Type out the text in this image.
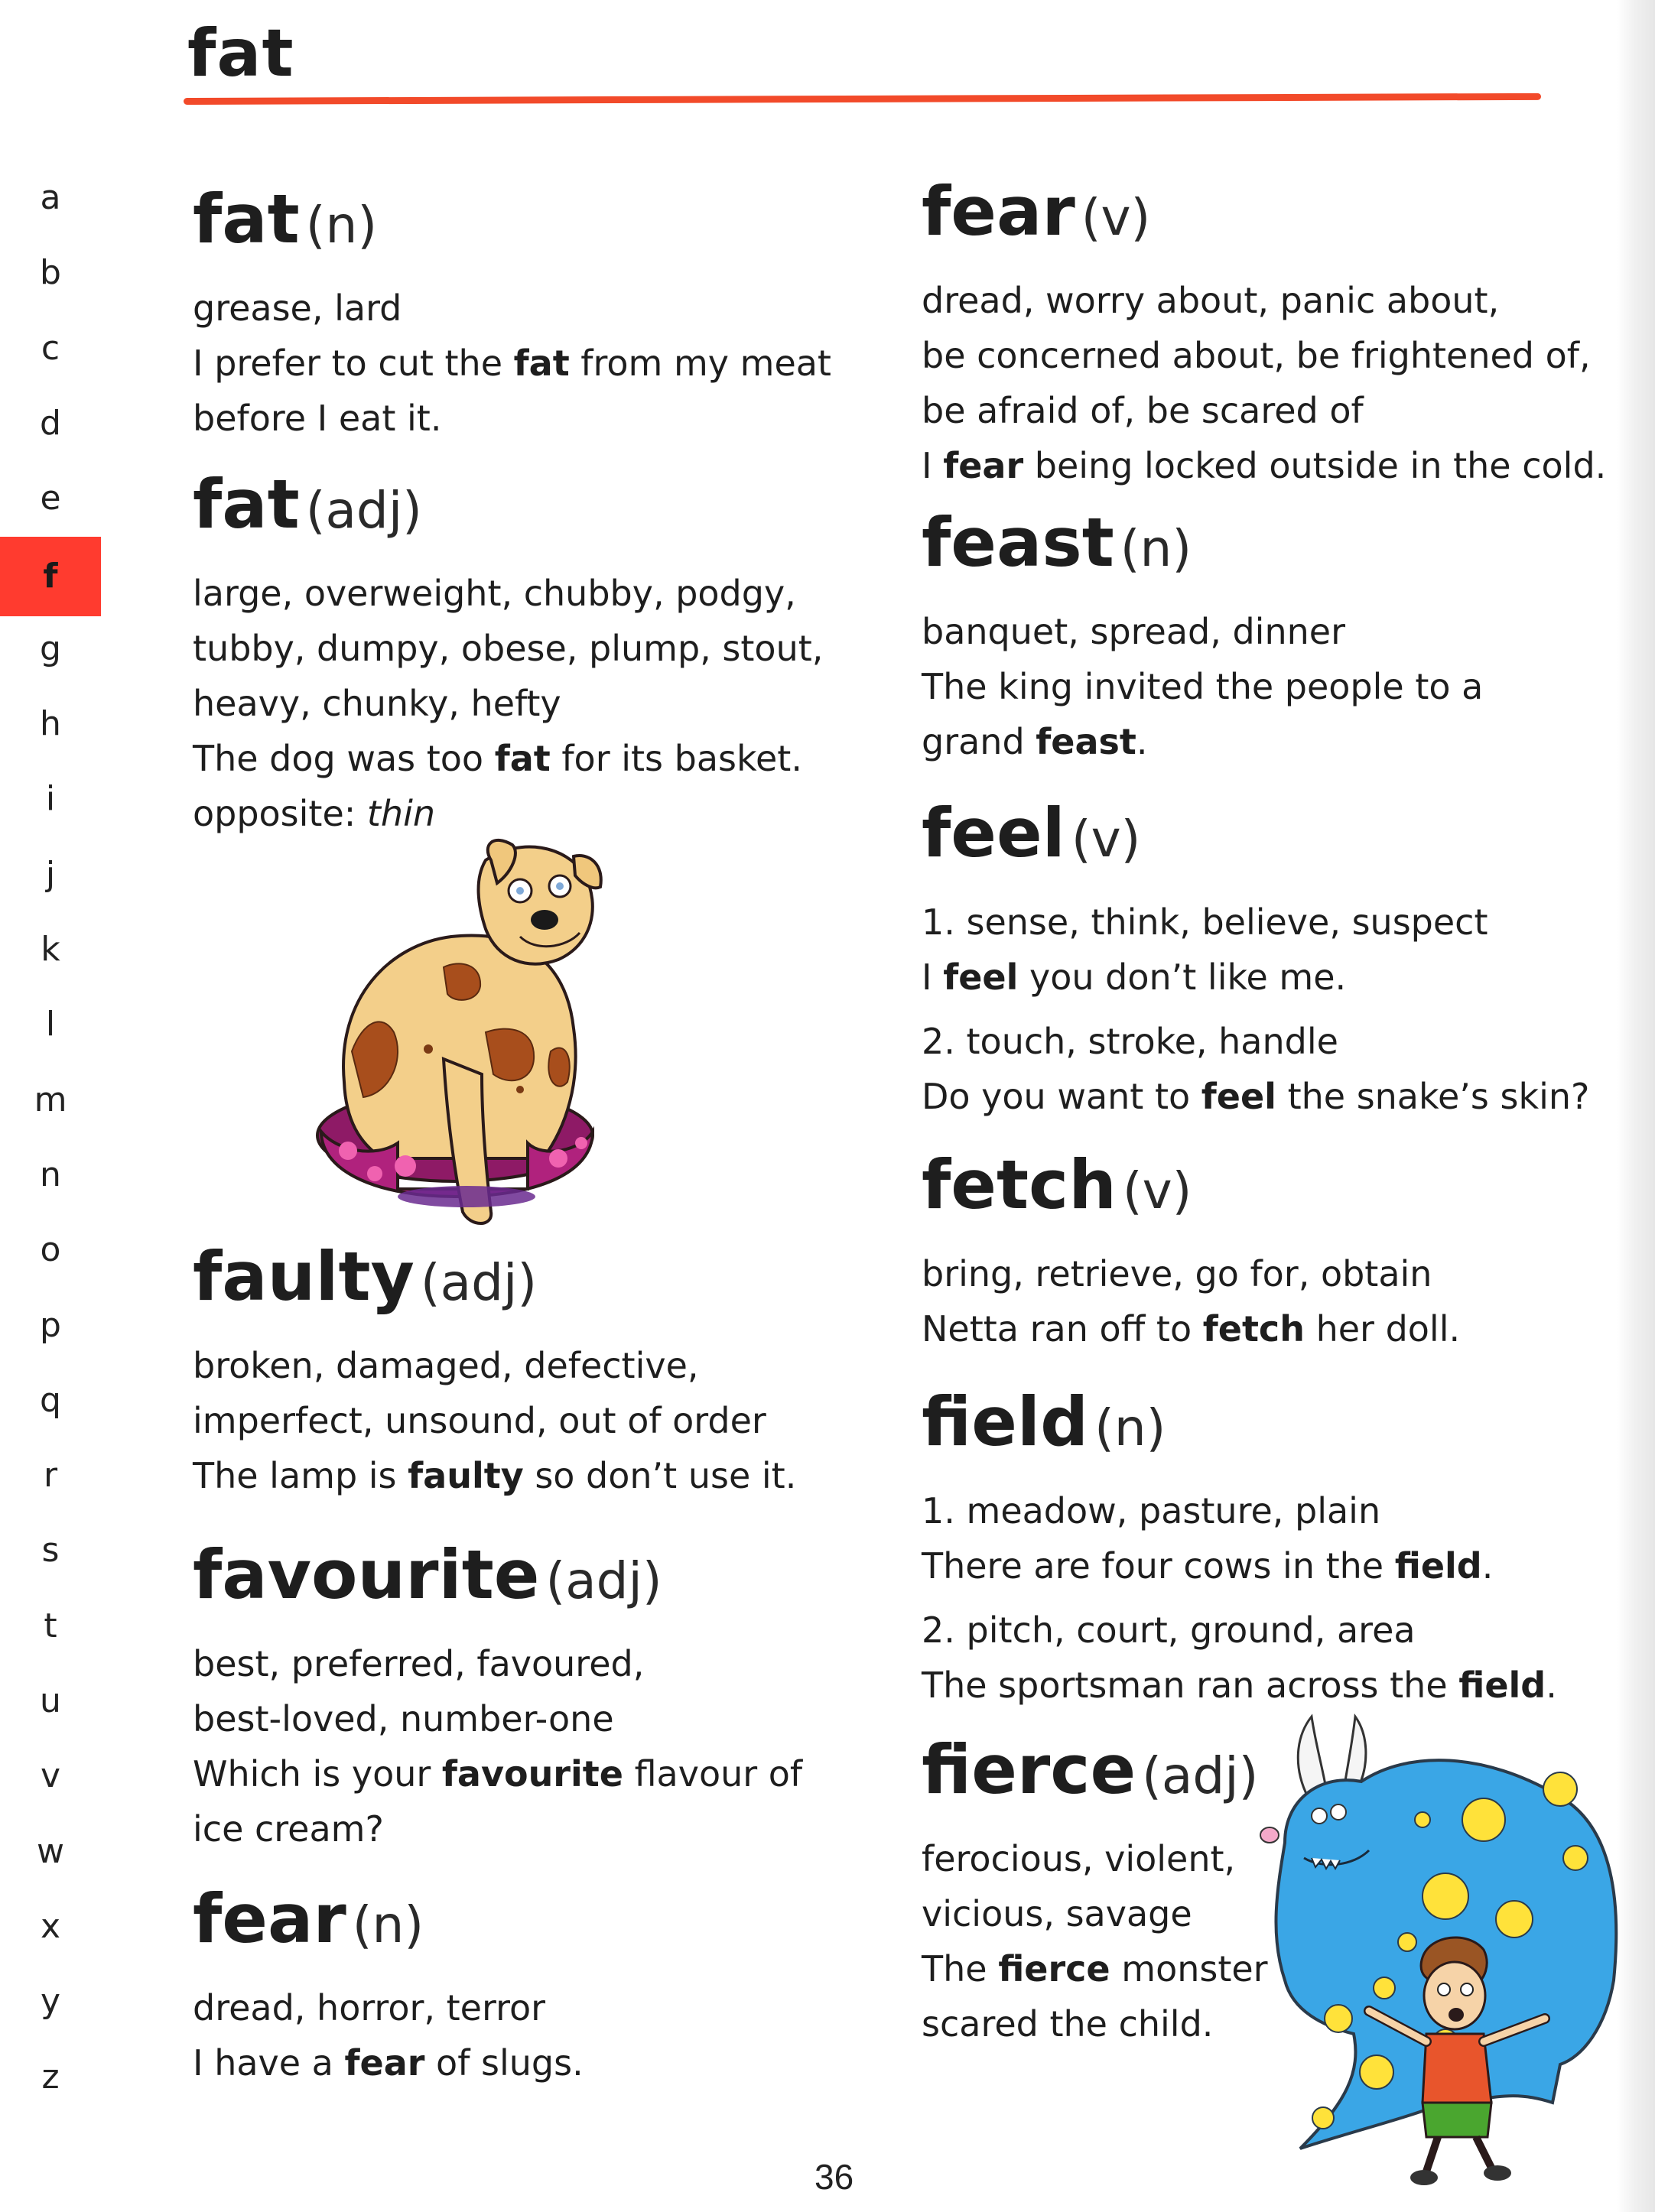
fat
a
b
c
d
e
f
g
h
i
j
k
l
m
n
o
p
q
r
s
t
u
v
w
x
y
z
fat (n)
grease, lard
I prefer to cut the fat from my meat
before I eat it.
fat (adj)
large, overweight, chubby, podgy,
tubby, dumpy, obese, plump, stout,
heavy, chunky, hefty
The dog was too fat for its basket.
opposite: thin
faulty (adj)
broken, damaged, defective,
imperfect, unsound, out of order
The lamp is faulty so don’t use it.
favourite (adj)
best, preferred, favoured,
best-loved, number-one
Which is your favourite flavour of
ice cream?
fear (n)
dread, horror, terror
I have a fear of slugs.
fear (v)
dread, worry about, panic about,
be concerned about, be frightened of,
be afraid of, be scared of
I fear being locked outside in the cold.
feast (n)
banquet, spread, dinner
The king invited the people to a
grand feast.
feel (v)
1. sense, think, believe, suspect
I feel you don’t like me.
2. touch, stroke, handle
Do you want to feel the snake’s skin?
fetch (v)
bring, retrieve, go for, obtain
Netta ran off to fetch her doll.
field (n)
1. meadow, pasture, plain
There are four cows in the field.
2. pitch, court, ground, area
The sportsman ran across the field.
fierce (adj)
ferocious, violent,
vicious, savage
The fierce monster
scared the child.
36
